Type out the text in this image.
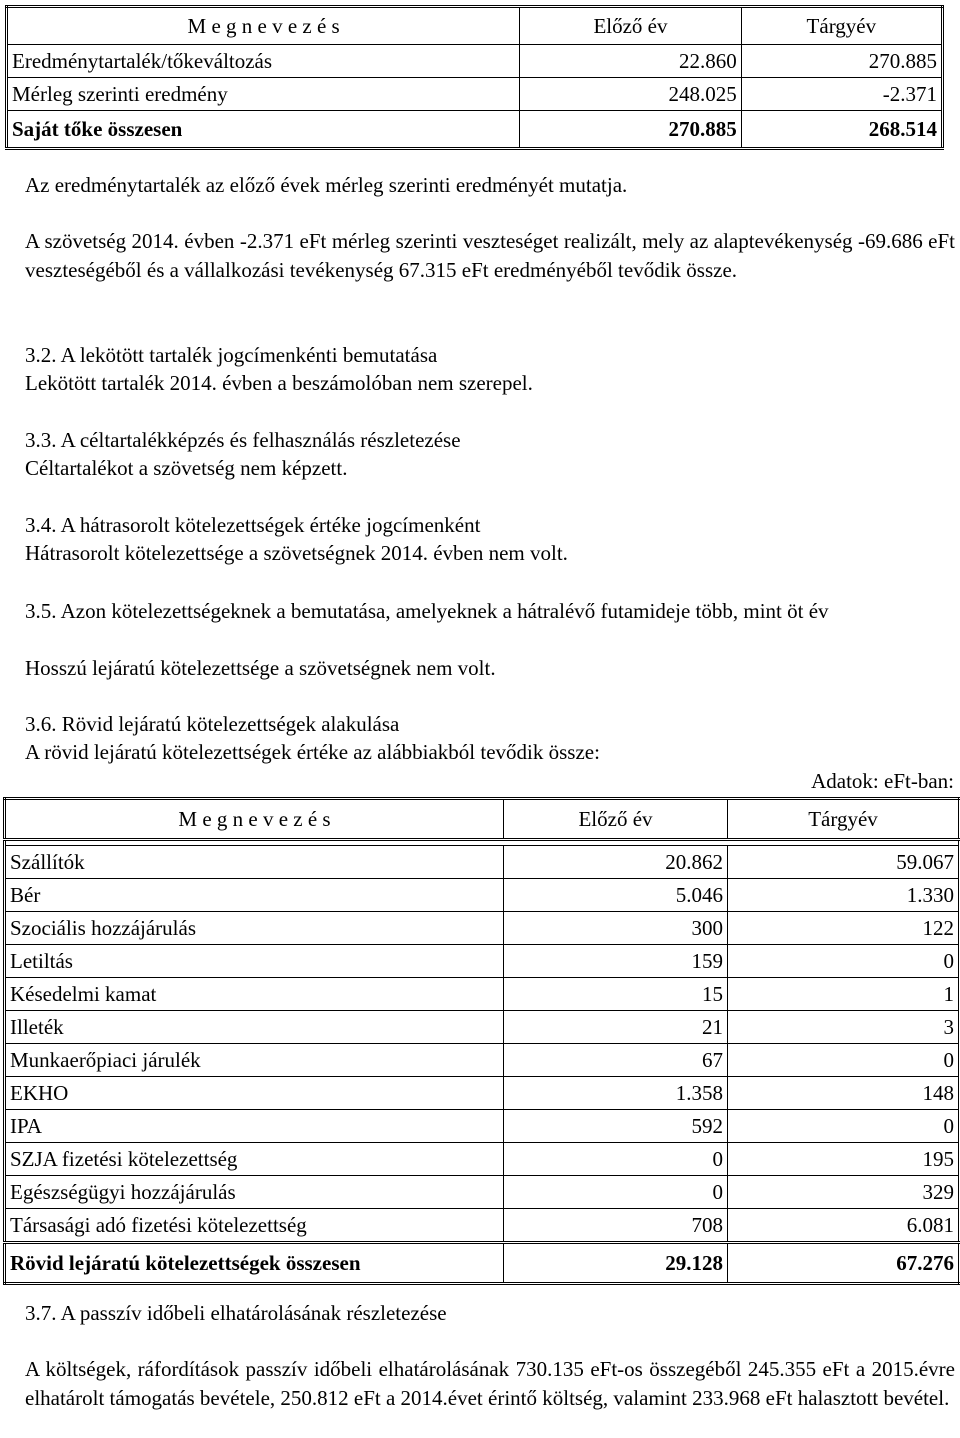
M e g n e v e z é s	Előző év	Tárgyév
Eredménytartalék/tőkeváltozás	22.860	270.885
Mérleg szerinti eredmény	248.025	-2.371
Saját tőke összesen	270.885	268.514

Az eredménytartalék az előző évek mérleg szerinti eredményét mutatja.

A szövetség 2014. évben -2.371 eFt mérleg szerinti veszteséget realizált, mely az alaptevékenység -69.686 eFt veszteségéből és a vállalkozási tevékenység 67.315 eFt eredményéből tevődik össze.

3.2. A lekötött tartalék jogcímenkénti bemutatása

Lekötött tartalék 2014. évben a beszámolóban nem szerepel.

3.3. A céltartalékképzés és felhasználás részletezése

Céltartalékot a szövetség nem képzett.

3.4. A hátrasorolt kötelezettségek értéke jogcímenként

Hátrasorolt kötelezettsége a szövetségnek 2014. évben nem volt.

3.5. Azon kötelezettségeknek a bemutatása, amelyeknek a hátralévő futamideje több, mint öt év

Hosszú lejáratú kötelezettsége a szövetségnek nem volt.

3.6. Rövid lejáratú kötelezettségek alakulása

A rövid lejáratú kötelezettségek értéke az alábbiakból tevődik össze:

Adatok: eFt-ban:
M e g n e v e z é s	Előző év	Tárgyév

Szállítók	20.862	59.067
Bér	5.046	1.330
Szociális hozzájárulás	300	122
Letiltás	159	0
Késedelmi kamat	15	1
Illeték	21	3
Munkaerőpiaci járulék	67	0
EKHO	1.358	148
IPA	592	0
SZJA fizetési kötelezettség	0	195
Egészségügyi hozzájárulás	0	329
Társasági adó fizetési kötelezettség	708	6.081
Rövid lejáratú kötelezettségek összesen	29.128	67.276

3.7. A passzív időbeli elhatárolásának részletezése

A költségek, ráfordítások passzív időbeli elhatárolásának 730.135 eFt-os összegéből 245.355 eFt a 2015.évre elhatárolt támogatás bevétele, 250.812 eFt a 2014.évet érintő költség, valamint 233.968 eFt halasztott bevétel.
